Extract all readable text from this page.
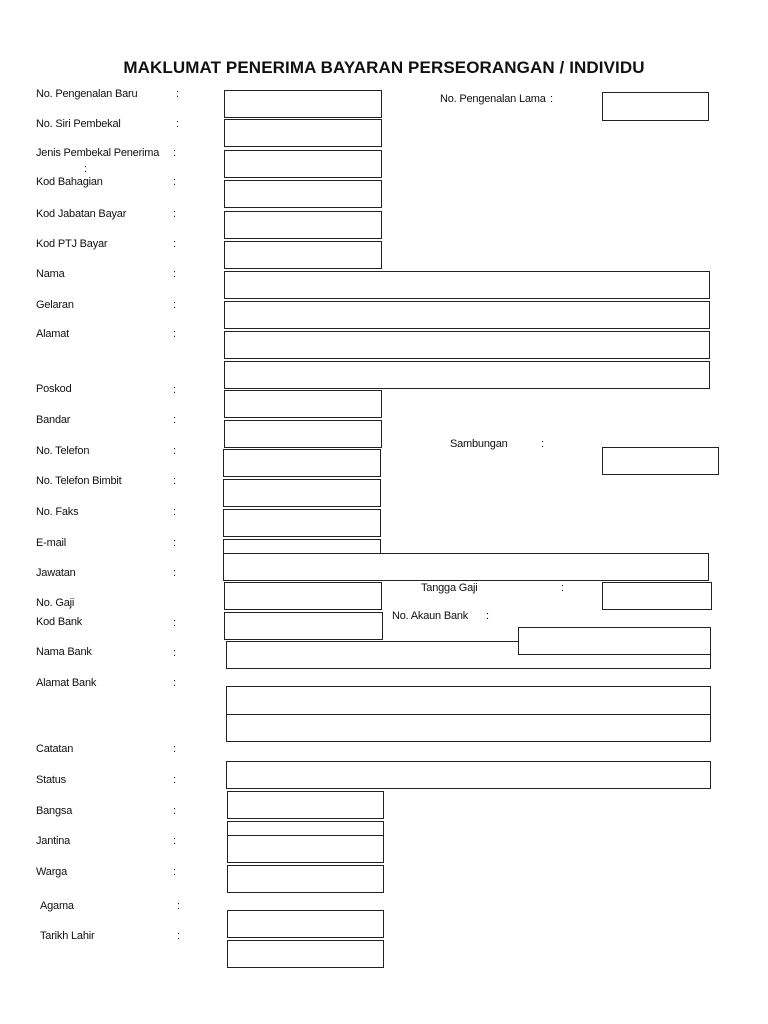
MAKLUMAT PENERIMA BAYARAN PERSEORANGAN / INDIVIDU
No. Pengenalan Baru	:	No. Pengenalan Lama :
No. Siri Pembekal	:
Jenis Pembekal Penerima :
:
Kod Bahagian	:
Kod Jabatan Bayar	:
Kod PTJ Bayar	:
Nama	:
Gelaran	:
Alamat	:
Poskod	:
Bandar	:
Sambungan	:
No. Telefon	:
No. Telefon Bimbit	:
No. Faks	:
E-mail	:
Jawatan	:
Tangga Gaji	:
No. Gaji
No. Akaun Bank :
Kod Bank	:
Nama Bank	:
Alamat Bank	:
Catatan	:
Status	:
Bangsa	:
Jantina	:
Warga	:
Agama	:
Tarikh Lahir	:
